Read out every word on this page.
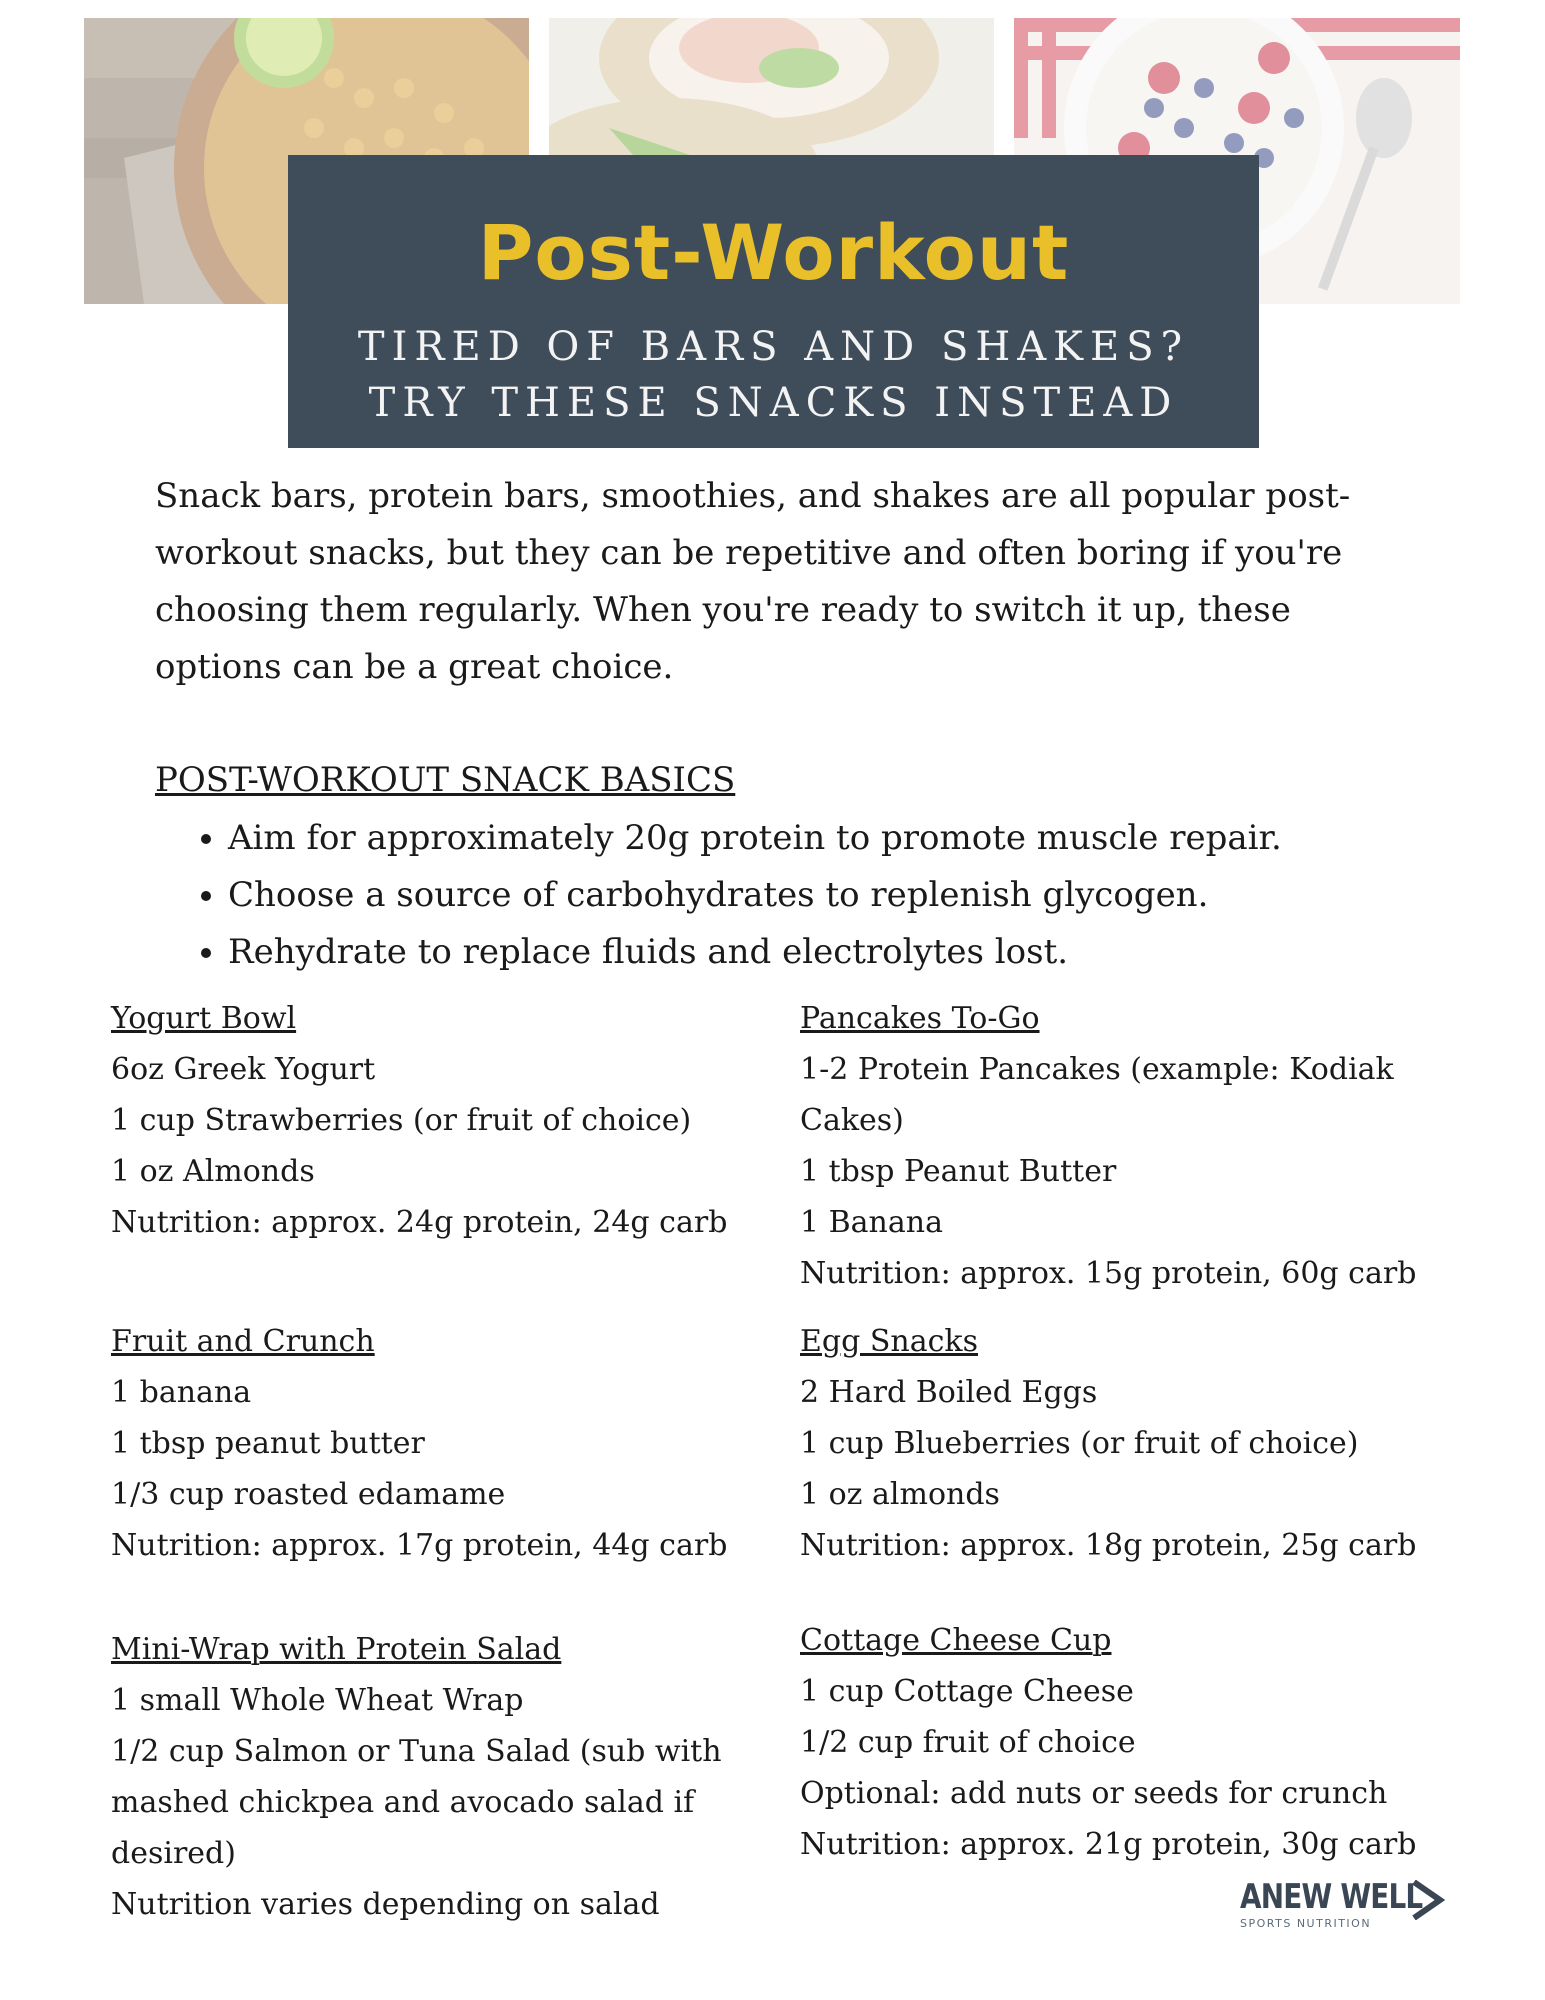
Post-Workout
TIRED OF BARS AND SHAKES? TRY THESE SNACKS INSTEAD

Snack bars, protein bars, smoothies, and shakes are all popular post-workout snacks, but they can be repetitive and often boring if you're choosing them regularly. When you're ready to switch it up, these options can be a great choice.

POST-WORKOUT SNACK BASICS
• Aim for approximately 20g protein to promote muscle repair.
• Choose a source of carbohydrates to replenish glycogen.
• Rehydrate to replace fluids and electrolytes lost.
Yogurt Bowl
6oz Greek Yogurt
1 cup Strawberries (or fruit of choice)
1 oz Almonds
Nutrition: approx. 24g protein, 24g carb
Pancakes To-Go
1-2 Protein Pancakes (example: Kodiak Cakes)
1 tbsp Peanut Butter
1 Banana
Nutrition: approx. 15g protein, 60g carb
Fruit and Crunch
1 banana
1 tbsp peanut butter
1/3 cup roasted edamame
Nutrition: approx. 17g protein, 44g carb
Egg Snacks
2 Hard Boiled Eggs
1 cup Blueberries (or fruit of choice)
1 oz almonds
Nutrition: approx. 18g protein, 25g carb
Mini-Wrap with Protein Salad
1 small Whole Wheat Wrap
1/2 cup Salmon or Tuna Salad (sub with mashed chickpea and avocado salad if desired)
Nutrition varies depending on salad
Cottage Cheese Cup
1 cup Cottage Cheese
1/2 cup fruit of choice
Optional: add nuts or seeds for crunch
Nutrition: approx. 21g protein, 30g carb
ANEW WELL
SPORTS NUTRITION
